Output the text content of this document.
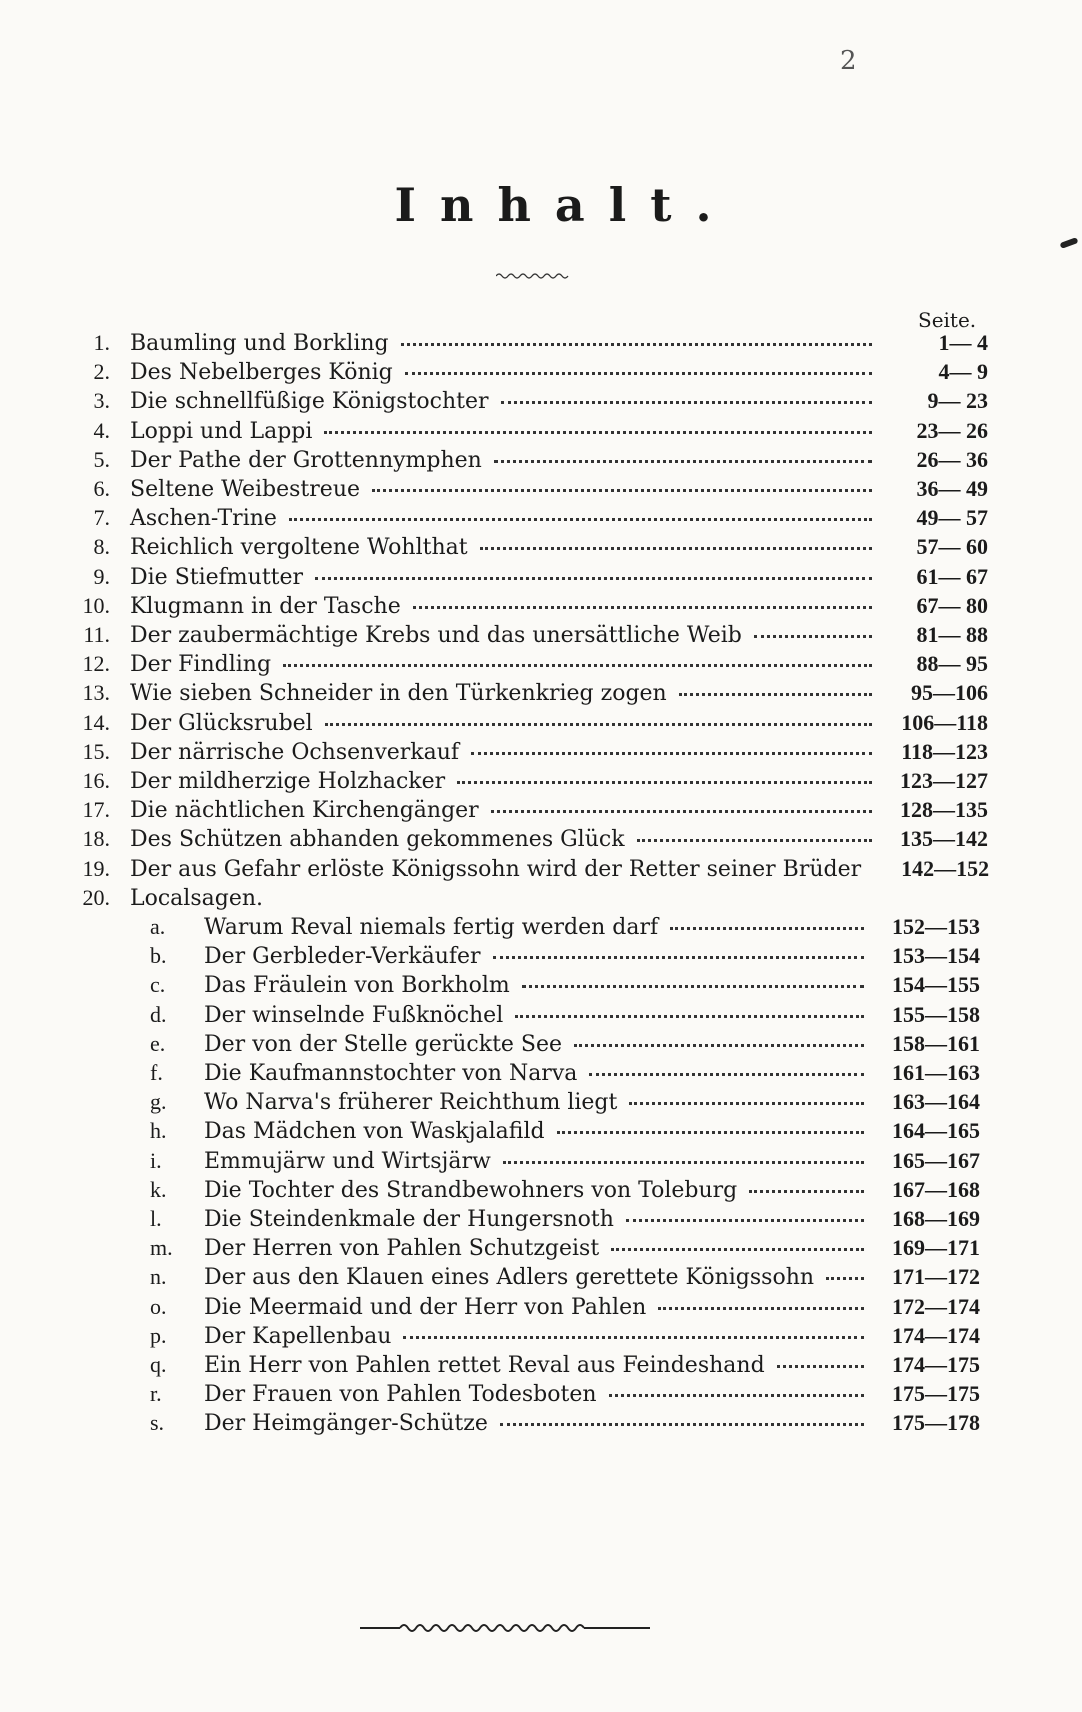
2
Inhalt.
Seite.
1. Baumling und Borkling	1— 4
2. Des Nebelberges König	4— 9
3. Die schnellfüßige Königstochter	9— 23
4. Loppi und Lappi	23— 26
5. Der Pathe der Grottennymphen	26— 36
6. Seltene Weibestreue	36— 49
7. Aschen-Trine	49— 57
8. Reichlich vergoltene Wohlthat	57— 60
9. Die Stiefmutter	61— 67
10. Klugmann in der Tasche	67— 80
11. Der zaubermächtige Krebs und das unersättliche Weib	81— 88
12. Der Findling	88— 95
13. Wie sieben Schneider in den Türkenkrieg zogen	95—106
14. Der Glücksrubel	106—118
15. Der närrische Ochsenverkauf	118—123
16. Der mildherzige Holzhacker	123—127
17. Die nächtlichen Kirchengänger	128—135
18. Des Schützen abhanden gekommenes Glück	135—142
19. Der aus Gefahr erlöste Königssohn wird der Retter seiner Brüder	142—152
20. Localsagen.
a.	Warum Reval niemals fertig werden darf	152—153
b.	Der Gerbleder-Verkäufer	153—154
c.	Das Fräulein von Borkholm	154—155
d.	Der winselnde Fußknöchel	155—158
e.	Der von der Stelle gerückte See	158—161
f.	Die Kaufmannstochter von Narva	161—163
g.	Wo Narva's früherer Reichthum liegt	163—164
h.	Das Mädchen von Waskjalafild	164—165
i.	Emmujärw und Wirtsjärw	165—167
k.	Die Tochter des Strandbewohners von Toleburg	167—168
l.	Die Steindenkmale der Hungersnoth	168—169
m.	Der Herren von Pahlen Schutzgeist	169—171
n.	Der aus den Klauen eines Adlers gerettete Königssohn	171—172
o.	Die Meermaid und der Herr von Pahlen	172—174
p.	Der Kapellenbau	174—174
q.	Ein Herr von Pahlen rettet Reval aus Feindeshand	174—175
r.	Der Frauen von Pahlen Todesboten	175—175
s.	Der Heimgänger-Schütze	175—178
